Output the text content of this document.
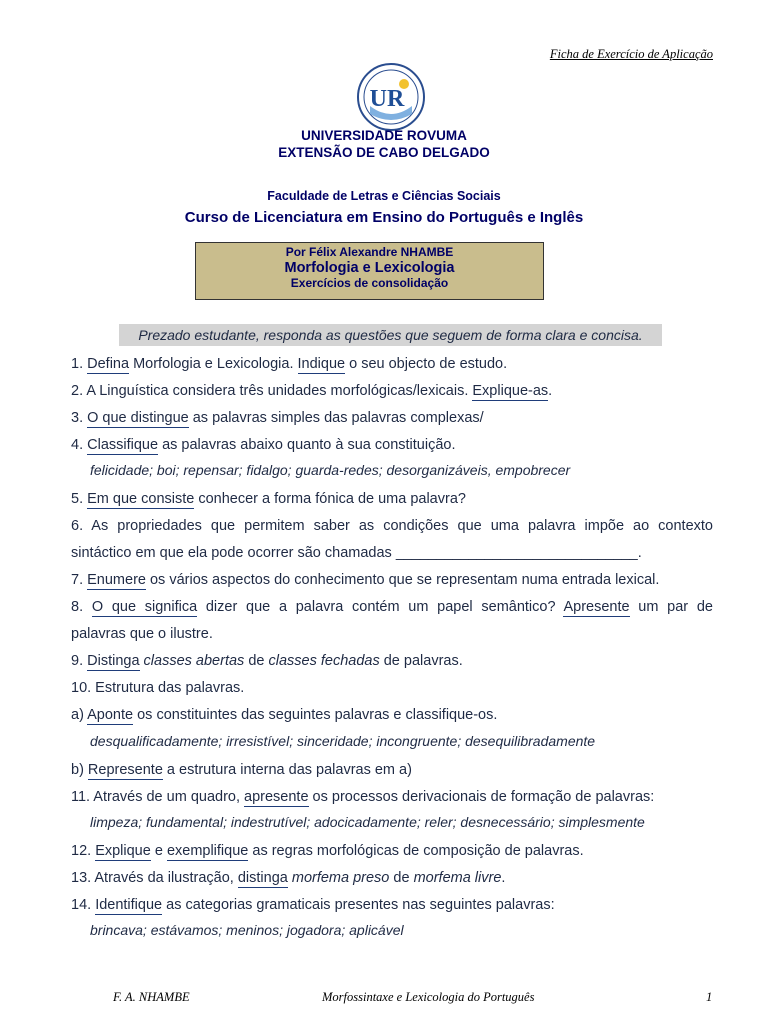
Ficha de Exercício de Aplicação
UR
UNIVERSIDADE ROVUMA
EXTENSÃO DE CABO DELGADO
Faculdade de Letras e Ciências Sociais
Curso de Licenciatura em Ensino do Português e Inglês
Por Félix Alexandre NHAMBE
Morfologia e Lexicologia
Exercícios de consolidação
Prezado estudante, responda as questões que seguem de forma clara e concisa.
1. Defina Morfologia e Lexicologia. Indique o seu objecto de estudo.
2. A Linguística considera três unidades morfológicas/lexicais. Explique-as.
3. O que distingue as palavras simples das palavras complexas/
4. Classifique as palavras abaixo quanto à sua constituição.
felicidade; boi; repensar; fidalgo; guarda-redes; desorganizáveis, empobrecer
5. Em que consiste conhecer a forma fónica de uma palavra?
6. As propriedades que permitem saber as condições que uma palavra impõe ao contexto
sintáctico em que ela pode ocorrer são chamadas ______________________________.
7. Enumere os vários aspectos do conhecimento que se representam numa entrada lexical.
8. O que significa dizer que a palavra contém um papel semântico? Apresente um par de
palavras que o ilustre.
9. Distinga classes abertas de classes fechadas de palavras.
10. Estrutura das palavras.
a) Aponte os constituintes das seguintes palavras e classifique-os.
desqualificadamente; irresistível; sinceridade; incongruente; desequilibradamente
b) Represente a estrutura interna das palavras em a)
11. Através de um quadro, apresente os processos derivacionais de formação de palavras:
limpeza; fundamental; indestrutível; adocicadamente; reler; desnecessário; simplesmente
12. Explique e exemplifique as regras morfológicas de composição de palavras.
13. Através da ilustração, distinga morfema preso de morfema livre.
14. Identifique as categorias gramaticais presentes nas seguintes palavras:
brincava; estávamos; meninos; jogadora; aplicável
F. A. NHAMBE	Morfossintaxe e Lexicologia do Português	1
